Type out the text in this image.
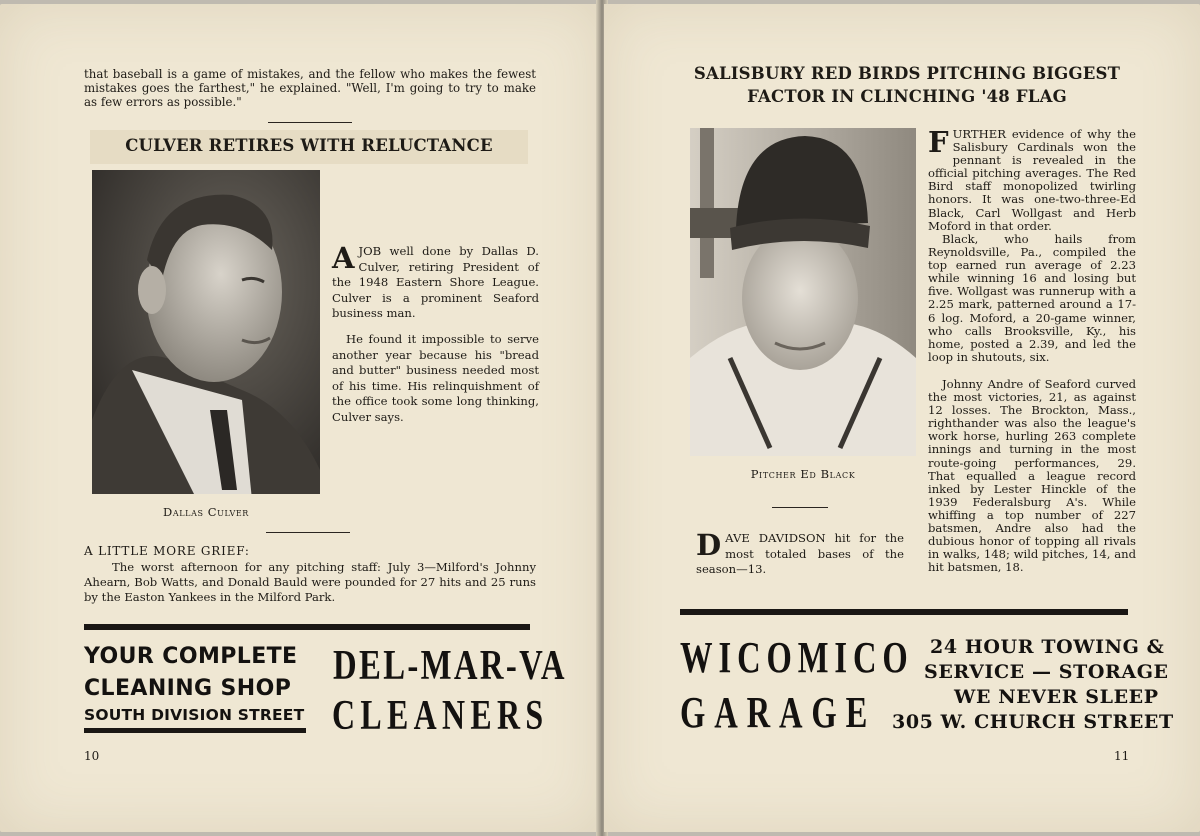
that baseball is a game of mistakes, and the fellow who makes the fewest mistakes goes the farthest," he explained. "Well, I'm going to try to make as few errors as possible."

CULVER RETIRES WITH RELUCTANCE
A JOB well done by Dallas D. Culver, retiring President of the 1948 Eastern Shore League. Culver is a prominent Seaford business man.

He found it impossible to serve another year because his "bread and butter" business needed most of his time. His relinquishment of the office took some long thinking, Culver says.

Dallas Culver
A LITTLE MORE GRIEF:

The worst afternoon for any pitching staff: July 3—Milford's Johnny Ahearn, Bob Watts, and Donald Bauld were pounded for 27 hits and 25 runs by the Easton Yankees in the Milford Park.

YOUR COMPLETE
CLEANING SHOP
SOUTH DIVISION STREET
DEL-MAR-VA
CLEANERS
10
SALISBURY RED BIRDS PITCHING BIGGEST
FACTOR IN CLINCHING '48 FLAG
Pitcher Ed Black
D AVE DAVIDSON hit for the most totaled bases of the season—13.
F URTHER evidence of why the Salisbury Cardinals won the pennant is revealed in the official pitching averages. The Red Bird staff monopolized twirling honors. It was one-two-three-Ed Black, Carl Wollgast and Herb Moford in that order.

Black, who hails from Reynoldsville, Pa., compiled the top earned run average of 2.23 while winning 16 and losing but five. Wollgast was runnerup with a 2.25 mark, patterned around a 17-6 log. Moford, a 20-game winner, who calls Brooksville, Ky., his home, posted a 2.39, and led the loop in shutouts, six.

Johnny Andre of Seaford curved the most victories, 21, as against 12 losses. The Brockton, Mass., righthander was also the league's work horse, hurling 263 complete innings and turning in the most route-going performances, 29. That equalled a league record inked by Lester Hinckle of the 1939 Federalsburg A's. While whiffing a top number of 227 batsmen, Andre also had the dubious honor of topping all rivals in walks, 148; wild pitches, 14, and hit batsmen, 18.

WICOMICO
GARAGE
24 HOUR TOWING &
SERVICE — STORAGE
WE NEVER SLEEP
305 W. CHURCH STREET
11
